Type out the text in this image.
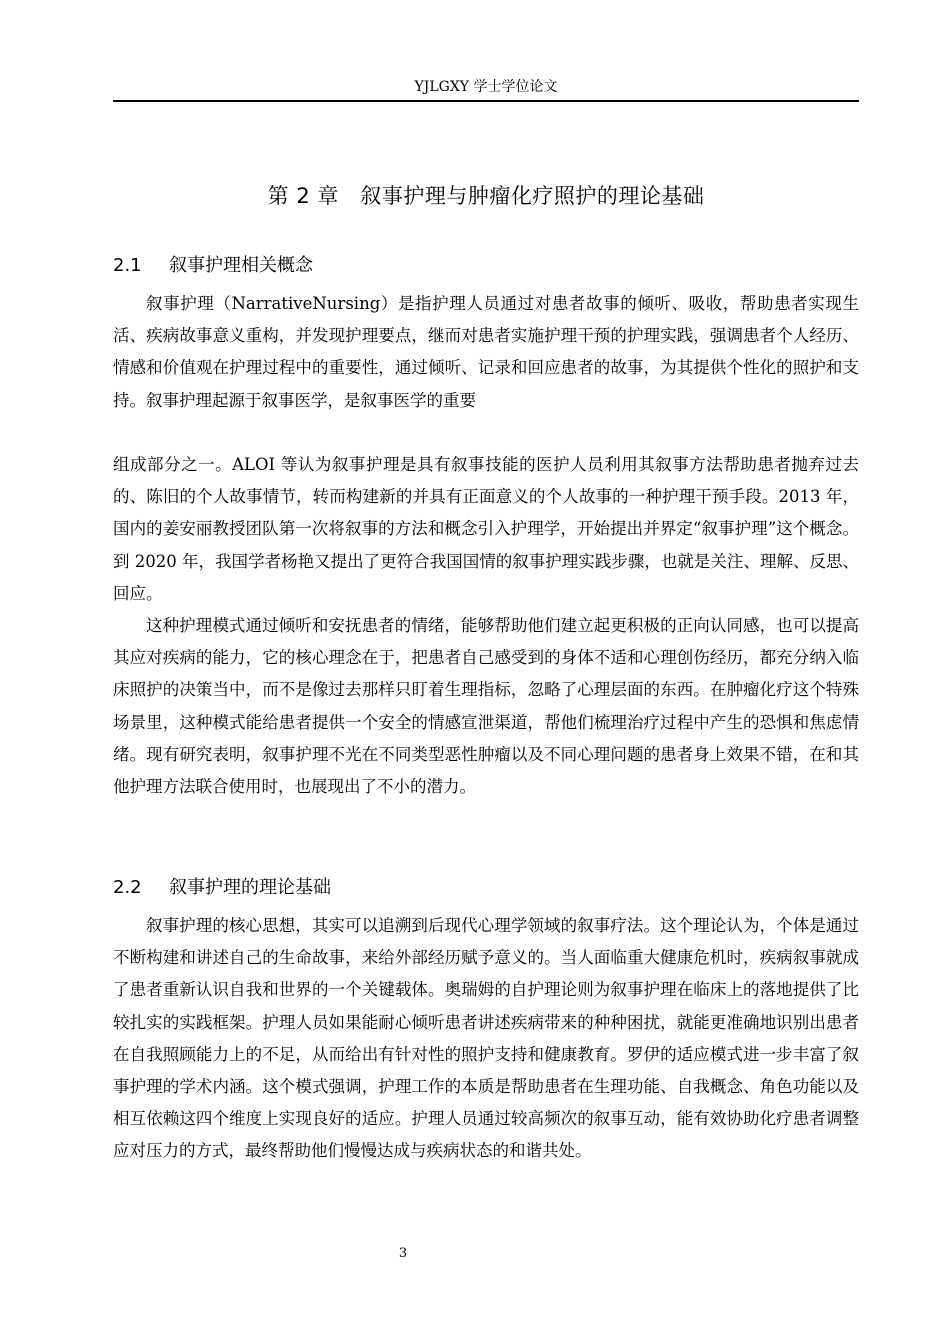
YJLGXY 学士学位论文
第 2 章　叙事护理与肿瘤化疗照护的理论基础
2.1 叙事护理相关概念

叙事护理（NarrativeNursing）是指护理人员通过对患者故事的倾听、吸收，帮助患者实现生活、疾病故事意义重构，并发现护理要点，继而对患者实施护理干预的护理实践，强调患者个人经历、情感和价值观在护理过程中的重要性，通过倾听、记录和回应患者的故事，为其提供个性化的照护和支持。叙事护理起源于叙事医学，是叙事医学的重要

组成部分之一。ALOI 等认为叙事护理是具有叙事技能的医护人员利用其叙事方法帮助患者抛弃过去的、陈旧的个人故事情节，转而构建新的并具有正面意义的个人故事的一种护理干预手段。2013 年，国内的姜安丽教授团队第一次将叙事的方法和概念引入护理学，开始提出并界定“叙事护理”这个概念。到 2020 年，我国学者杨艳又提出了更符合我国国情的叙事护理实践步骤，也就是关注、理解、反思、回应。

这种护理模式通过倾听和安抚患者的情绪，能够帮助他们建立起更积极的正向认同感，也可以提高其应对疾病的能力，它的核心理念在于，把患者自己感受到的身体不适和心理创伤经历，都充分纳入临床照护的决策当中，而不是像过去那样只盯着生理指标，忽略了心理层面的东西。在肿瘤化疗这个特殊场景里，这种模式能给患者提供一个安全的情感宣泄渠道，帮他们梳理治疗过程中产生的恐惧和焦虑情绪。现有研究表明，叙事护理不光在不同类型恶性肿瘤以及不同心理问题的患者身上效果不错，在和其他护理方法联合使用时，也展现出了不小的潜力。

2.2 叙事护理的理论基础

叙事护理的核心思想，其实可以追溯到后现代心理学领域的叙事疗法。这个理论认为，个体是通过不断构建和讲述自己的生命故事，来给外部经历赋予意义的。当人面临重大健康危机时，疾病叙事就成了患者重新认识自我和世界的一个关键载体。奥瑞姆的自护理论则为叙事护理在临床上的落地提供了比较扎实的实践框架。护理人员如果能耐心倾听患者讲述疾病带来的种种困扰，就能更准确地识别出患者在自我照顾能力上的不足，从而给出有针对性的照护支持和健康教育。罗伊的适应模式进一步丰富了叙事护理的学术内涵。这个模式强调，护理工作的本质是帮助患者在生理功能、自我概念、角色功能以及相互依赖这四个维度上实现良好的适应。护理人员通过较高频次的叙事互动，能有效协助化疗患者调整应对压力的方式，最终帮助他们慢慢达成与疾病状态的和谐共处。

3
